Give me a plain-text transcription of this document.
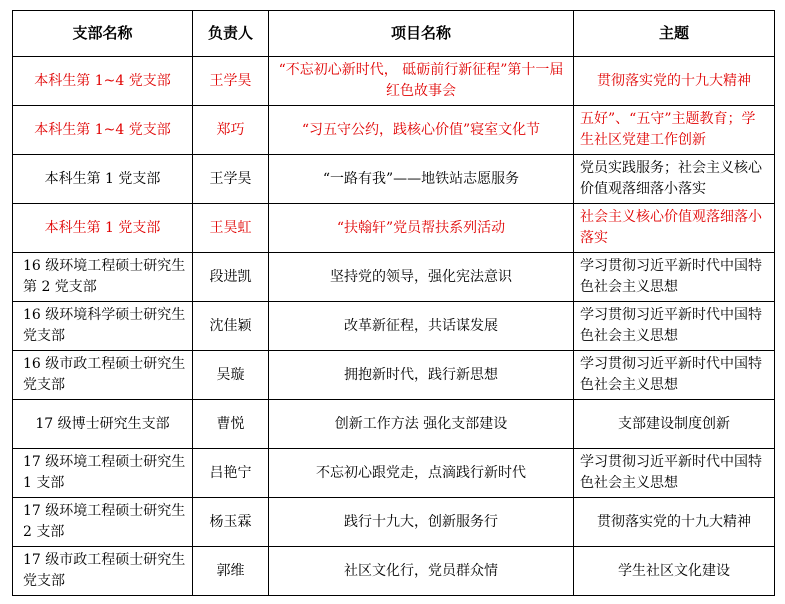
支部名称	负责人	项目名称	主题
本科生第 1~4 党支部	王学昊	“不忘初心新时代， 砥砺前行新征程”第十一届红色故事会	贯彻落实党的十九大精神
本科生第 1~4 党支部	郑巧	“习五守公约，践核心价值”寝室文化节	五好”、“五守”主题教育；学生社区党建工作创新
本科生第 1 党支部	王学昊	“一路有我”——地铁站志愿服务	党员实践服务；社会主义核心价值观落细落小落实
本科生第 1 党支部	王昊虹	“扶翰轩”党员帮扶系列活动	社会主义核心价值观落细落小落实
16 级环境工程硕士研究生第 2 党支部	段进凯	坚持党的领导，强化宪法意识	学习贯彻习近平新时代中国特色社会主义思想
16 级环境科学硕士研究生党支部	沈佳颖	改革新征程，共话谋发展	学习贯彻习近平新时代中国特色社会主义思想
16 级市政工程硕士研究生党支部	吴璇	拥抱新时代，践行新思想	学习贯彻习近平新时代中国特色社会主义思想
17 级博士研究生支部	曹悦	创新工作方法 强化支部建设	支部建设制度创新
17 级环境工程硕士研究生 1 支部	吕艳宁	不忘初心跟党走，点滴践行新时代	学习贯彻习近平新时代中国特色社会主义思想
17 级环境工程硕士研究生 2 支部	杨玉霖	践行十九大，创新服务行	贯彻落实党的十九大精神
17 级市政工程硕士研究生党支部	郭维	社区文化行，党员群众情	学生社区文化建设
